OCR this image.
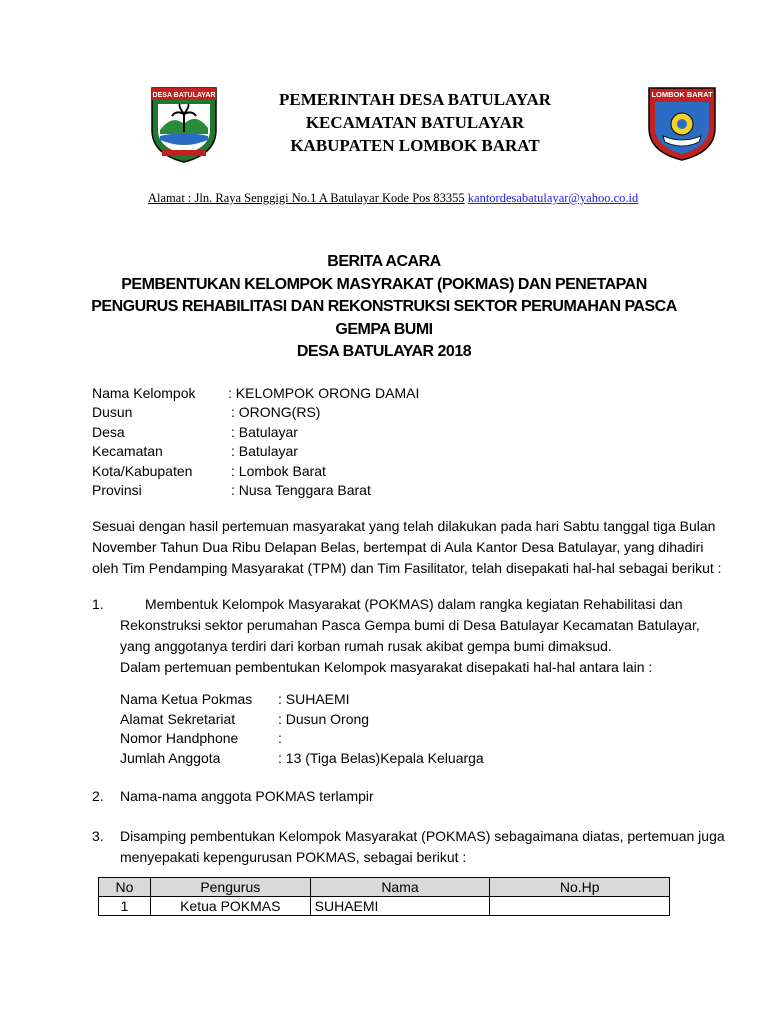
DESA BATULAYAR	PEMERINTAH DESA BATULAYAR
KECAMATAN BATULAYAR
KABUPATEN LOMBOK BARAT
LOMBOK BARAT
Alamat : Jln. Raya Senggigi No.1 A Batulayar Kode Pos 83355 kantordesabatulayar@yahoo.co.id
BERITA ACARA
PEMBENTUKAN KELOMPOK MASYRAKAT (POKMAS) DAN PENETAPAN
PENGURUS REHABILITASI DAN REKONSTRUKSI SEKTOR PERUMAHAN PASCA
GEMPA BUMI
DESA BATULAYAR 2018
Nama Kelompok : KELOMPOK ORONG DAMAI
Dusun	: ORONG(RS)
Desa	: Batulayar
Kecamatan	: Batulayar
Kota/Kabupaten	: Lombok Barat
Provinsi	: Nusa Tenggara Barat
Sesuai dengan hasil pertemuan masyarakat yang telah dilakukan pada hari Sabtu tanggal tiga Bulan
November Tahun Dua Ribu Delapan Belas, bertempat di Aula Kantor Desa Batulayar, yang dihadiri
oleh Tim Pendamping Masyarakat (TPM) dan Tim Fasilitator, telah disepakati hal-hal sebagai berikut :
1.	Membentuk Kelompok Masyarakat (POKMAS) dalam rangka kegiatan Rehabilitasi dan
Rekonstruksi sektor perumahan Pasca Gempa bumi di Desa Batulayar Kecamatan Batulayar,
yang anggotanya terdiri dari korban rumah rusak akibat gempa bumi dimaksud.
Dalam pertemuan pembentukan Kelompok masyarakat disepakati hal-hal antara lain :
Nama Ketua Pokmas : SUHAEMI
Alamat Sekretariat	: Dusun Orong
Nomor Handphone	:
Jumlah Anggota	: 13 (Tiga Belas)Kepala Keluarga
2. Nama-nama anggota POKMAS terlampir
3. Disamping pembentukan Kelompok Masyarakat (POKMAS) sebagaimana diatas, pertemuan juga
menyepakati kepengurusan POKMAS, sebagai berikut :
No	Pengurus	Nama	No.Hp
1	Ketua POKMAS	SUHAEMI	
